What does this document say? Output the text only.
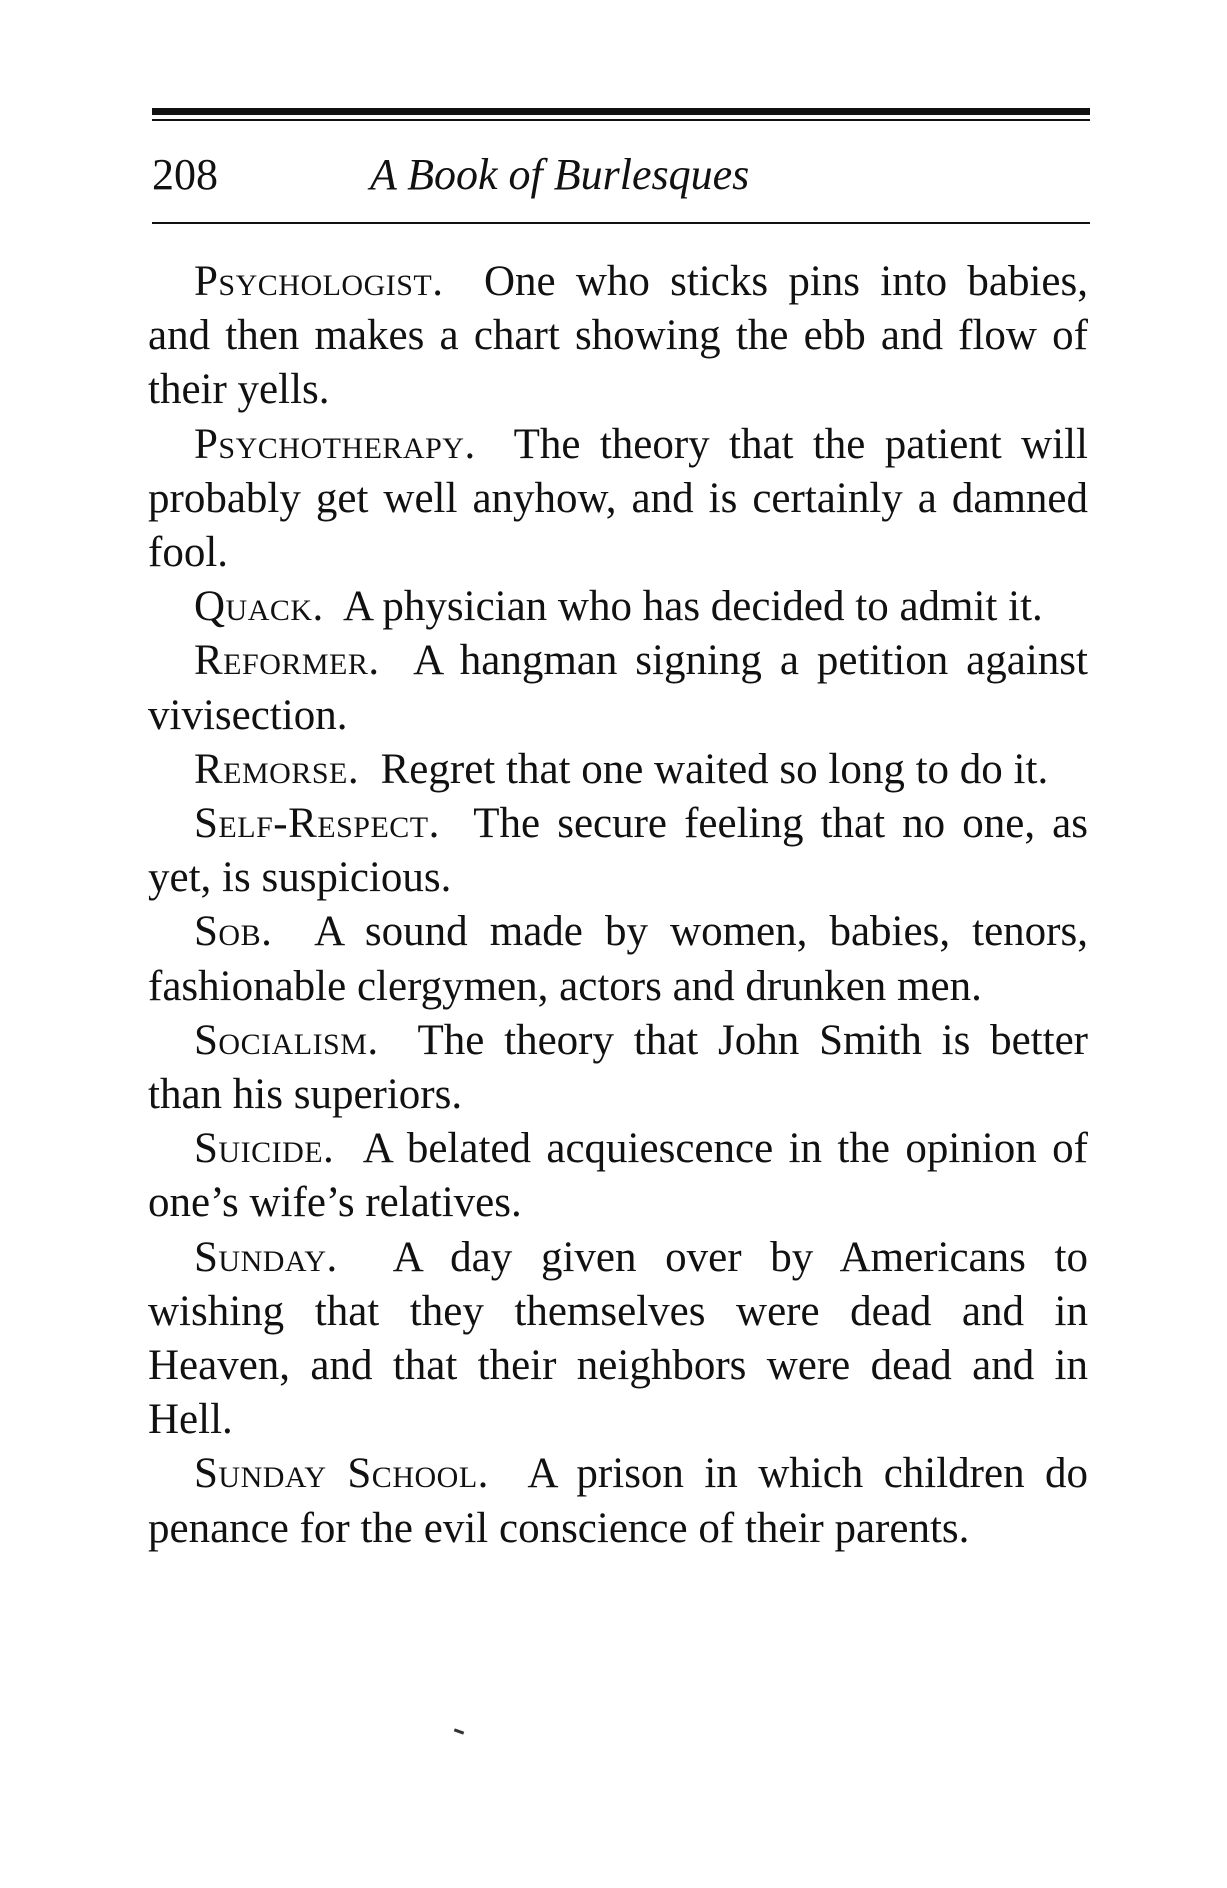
208	A Book of Burlesques

Psychologist. One who sticks pins into babies, and then makes a chart showing the ebb and flow of their yells.

Psychotherapy. The theory that the patient will probably get well anyhow, and is certainly a damned fool.

Quack. A physician who has decided to admit it.

Reformer. A hangman signing a petition against vivisection.

Remorse. Regret that one waited so long to do it.

Self-Respect. The secure feeling that no one, as yet, is suspicious.

Sob. A sound made by women, babies, tenors, fashionable clergymen, actors and drunken men.

Socialism. The theory that John Smith is better than his superiors.

Suicide. A belated acquiescence in the opinion of one’s wife’s relatives.

Sunday. A day given over by Americans to wishing that they themselves were dead and in Heaven, and that their neighbors were dead and in Hell.

Sunday School. A prison in which children do penance for the evil conscience of their parents.
